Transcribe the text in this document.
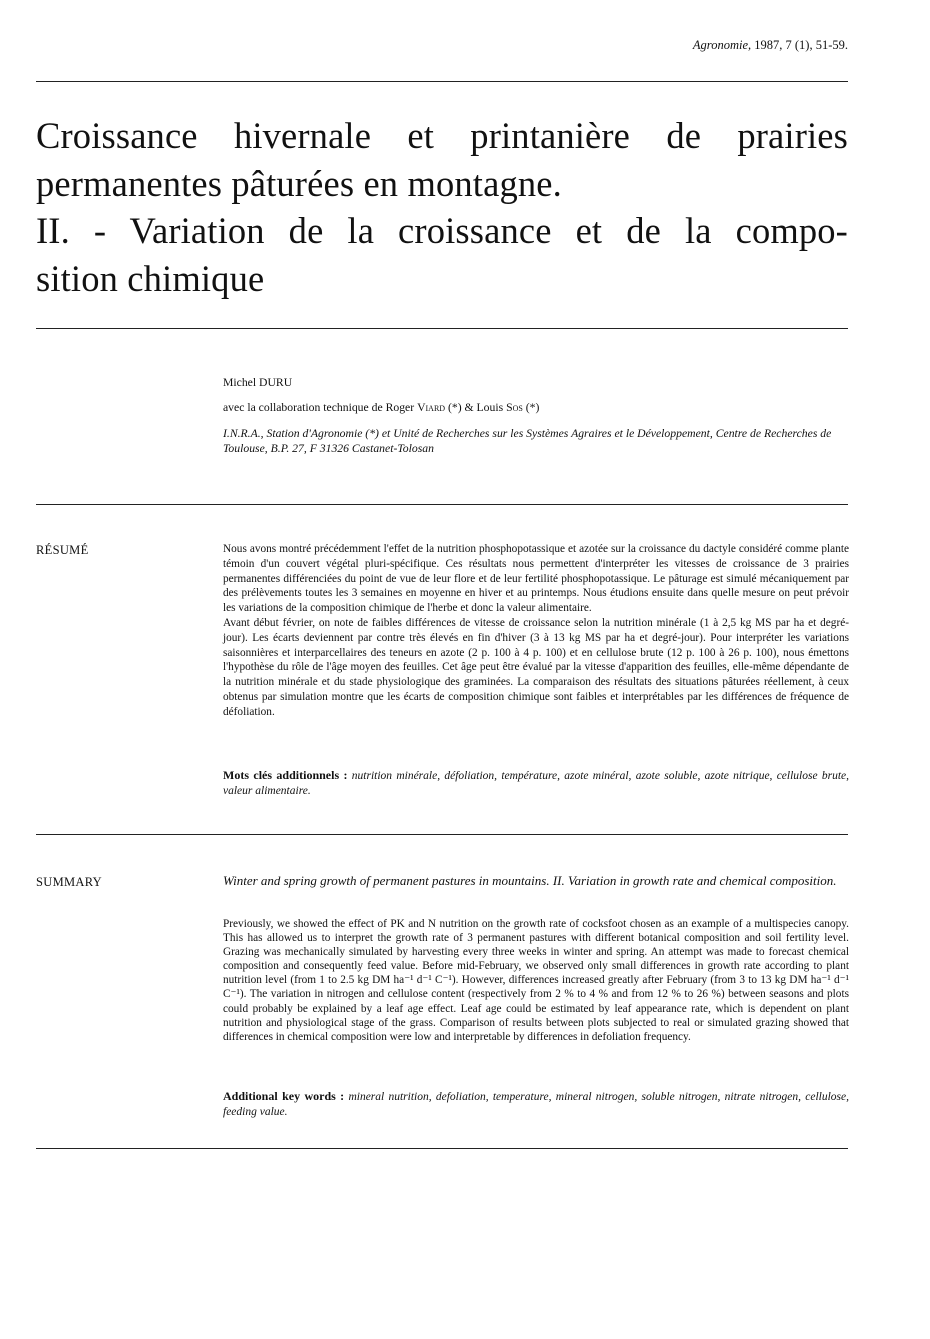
Agronomie, 1987, 7 (1), 51-59.
Croissance hivernale et printanière de prairies
permanentes pâturées en montagne.
II. - Variation de la croissance et de la compo-
sition chimique
Michel DURU
avec la collaboration technique de Roger Viard (*) & Louis Sos (*)
I.N.R.A., Station d'Agronomie (*) et Unité de Recherches sur les Systèmes Agraires et le Développement, Centre de Recherches de Toulouse, B.P. 27, F 31326 Castanet-Tolosan
RÉSUMÉ	Nous avons montré précédemment l'effet de la nutrition phosphopotassique et azotée sur la croissance du dactyle considéré comme plante témoin d'un couvert végétal pluri-spécifique. Ces résultats nous permettent d'interpréter les vitesses de croissance de 3 prairies permanentes différenciées du point de vue de leur flore et de leur fertilité phosphopotassique. Le pâturage est simulé mécaniquement par des prélèvements toutes les 3 semaines en moyenne en hiver et au printemps. Nous étudions ensuite dans quelle mesure on peut prévoir les variations de la composition chimique de l'herbe et donc la valeur alimentaire.

Avant début février, on note de faibles différences de vitesse de croissance selon la nutrition minérale (1 à 2,5 kg MS par ha et degré-jour). Les écarts deviennent par contre très élevés en fin d'hiver (3 à 13 kg MS par ha et degré-jour). Pour interpréter les variations saisonnières et interparcellaires des teneurs en azote (2 p. 100 à 4 p. 100) et en cellulose brute (12 p. 100 à 26 p. 100), nous émettons l'hypothèse du rôle de l'âge moyen des feuilles. Cet âge peut être évalué par la vitesse d'apparition des feuilles, elle-même dépendante de la nutrition minérale et du stade physiologique des graminées. La comparaison des résultats des situations pâturées réellement, à ceux obtenus par simulation montre que les écarts de composition chimique sont faibles et interprétables par les différences de fréquence de défoliation.

Mots clés additionnels : nutrition minérale, défoliation, température, azote minéral, azote soluble, azote nitrique, cellulose brute, valeur alimentaire.
SUMMARY	Winter and spring growth of permanent pastures in mountains. II. Variation in growth rate and chemical composition.
Previously, we showed the effect of PK and N nutrition on the growth rate of cocksfoot chosen as an example of a multispecies canopy. This has allowed us to interpret the growth rate of 3 permanent pastures with different botanical composition and soil fertility level. Grazing was mechanically simulated by harvesting every three weeks in winter and spring. An attempt was made to forecast chemical composition and consequently feed value. Before mid-February, we observed only small differences in growth rate according to plant nutrition level (from 1 to 2.5 kg DM ha⁻¹ d⁻¹ C⁻¹). However, differences increased greatly after February (from 3 to 13 kg DM ha⁻¹ d⁻¹ C⁻¹). The variation in nitrogen and cellulose content (respectively from 2 % to 4 % and from 12 % to 26 %) between seasons and plots could probably be explained by a leaf age effect. Leaf age could be estimated by leaf appearance rate, which is dependent on plant nutrition and physiological stage of the grass. Comparison of results between plots subjected to real or simulated grazing showed that differences in chemical composition were low and interpretable by differences in defoliation frequency.
Additional key words : mineral nutrition, defoliation, temperature, mineral nitrogen, soluble nitrogen, nitrate nitrogen, cellulose, feeding value.
